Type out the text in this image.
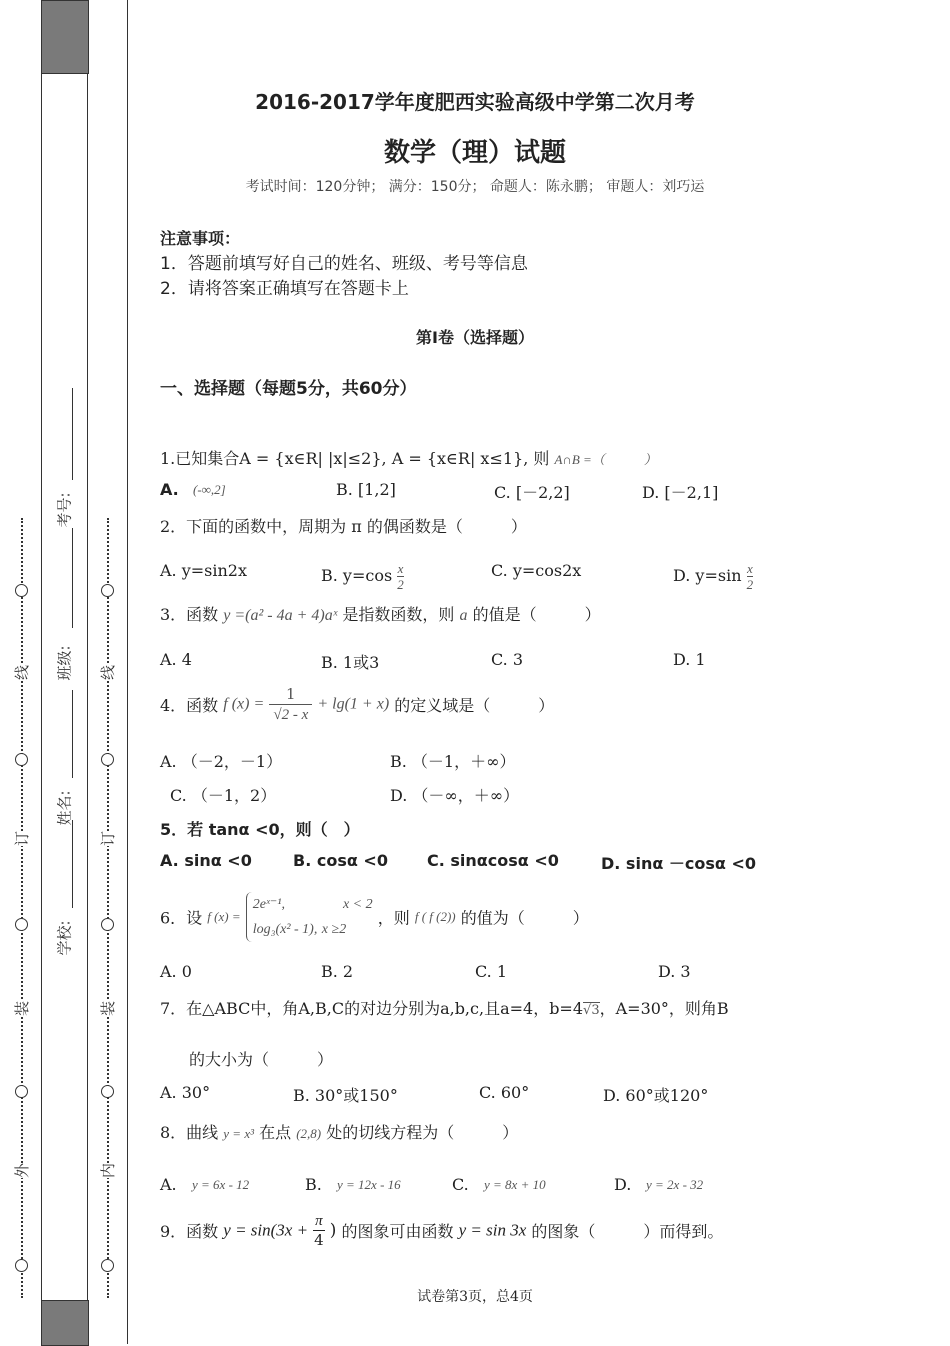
外
装
订
线
内
装
订
线
学校:
姓名:
班级:
考号:
2016-2017学年度肥西实验高级中学第二次月考
数学（理）试题
考试时间：120分钟； 满分：150分； 命题人：陈永鹏； 审题人：刘巧运
注意事项：
1．答题前填写好自己的姓名、班级、考号等信息
2．请将答案正确填写在答题卡上
第I卷（选择题）
一、选择题（每题5分，共60分）
1.已知集合A = {x∈R| |x|≤2}, A = {x∈R| x≤1}, 则 A∩B =（　　　）
A. (-∞,2]	B. [1,2]	C. [－2,2]	D. [－2,1]
2．下面的函数中，周期为 π 的偶函数是（　　　）
A. y=sin2x	B. $y=\cos \frac{x}{2}$	C. y=cos2x	D. $y=\sin \frac{x}{2}$
3．函数 y =(a² - 4a + 4)aˣ 是指数函数，则 a 的值是（　　　）
A. 4	B. 1或3	C. 3	D. 1
4．函数 f $(x) = \frac{1}{√2 - x} + \lg(1 + x)$ 的定义域是（　　　）
A. （－2，－1）	B. （－1，＋∞）
C. （－1，2）	D. （－∞，＋∞）
5．若 tanα <0，则（　）
A. sinα <0	B. cosα <0 C. sinαcosα <0	D. sinα －cosα <0
6．设 f (x) =
2eˣ⁻¹,	x < 2
log₃(x² - 1), x ≥2
，则 f ( f (2)) 的值为（　　　）
A. 0	B. 2	C. 1	D. 3
7．在△ABC中，角A,B,C的对边分别为a,b,c,且a=4，b=4√3，A=30°，则角B
的大小为（　　　）
A. 30°	B. 30°或150°	C. 60°	D. 60°或120°
8．曲线 y = x³ 在点 (2,8) 处的切线方程为（　　　）
A. y = 6x - 12	B. y = 12x - 16	C. y = 8x + 10	D. y = 2x - 32
9．函数 $y = \sin(3x + \frac{\pi}{4}$ ) 的图象可由函数 y = sin 3x 的图象（　　　）而得到。
试卷第3页，总4页
